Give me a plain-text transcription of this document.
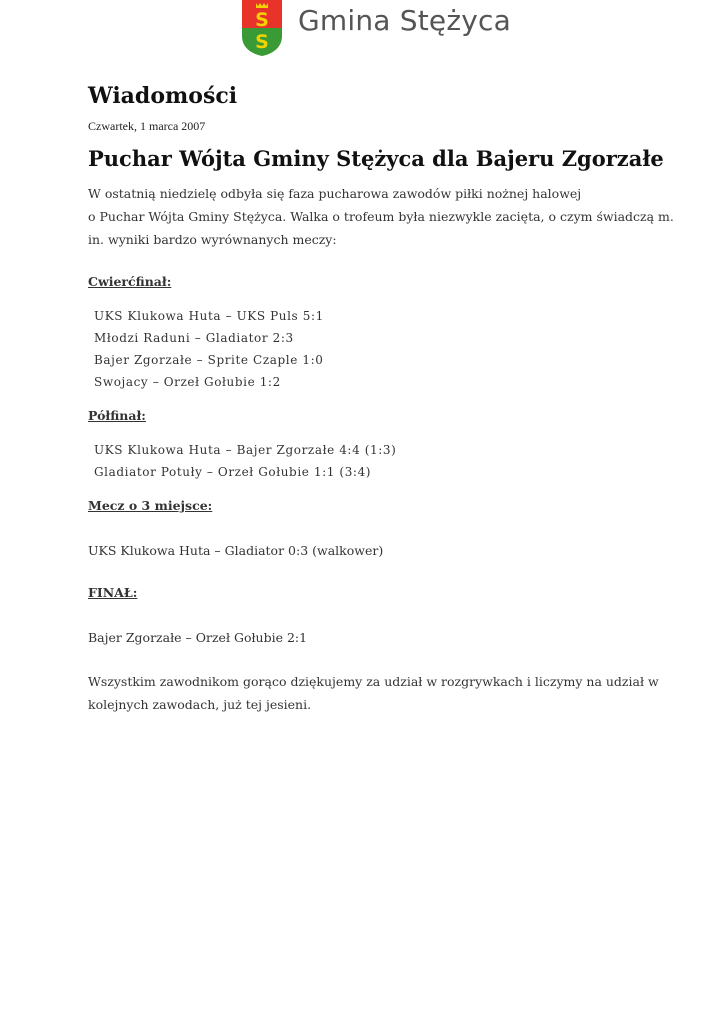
S
S
Gmina Stężyca
Wiadomości
Czwartek, 1 marca 2007
Puchar Wójta Gminy Stężyca dla Bajeru Zgorzałe
W ostatnią niedzielę odbyła się faza pucharowa zawodów piłki nożnej halowej
o Puchar Wójta Gminy Stężyca. Walka o trofeum była niezwykle zacięta, o czym świadczą m.
in. wyniki bardzo wyrównanych meczy:
Cwierćfinał:
UKS Klukowa Huta – UKS Puls 5:1
Młodzi Raduni – Gladiator 2:3
Bajer Zgorzałe – Sprite Czaple 1:0
Swojacy – Orzeł Gołubie 1:2
Półfinał:
UKS Klukowa Huta – Bajer Zgorzałe 4:4 (1:3)
Gladiator Potuły – Orzeł Gołubie 1:1 (3:4)
Mecz o 3 miejsce:
UKS Klukowa Huta – Gladiator 0:3 (walkower)
FINAŁ:
Bajer Zgorzałe – Orzeł Gołubie 2:1
Wszystkim zawodnikom gorąco dziękujemy za udział w rozgrywkach i liczymy na udział w
kolejnych zawodach, już tej jesieni.
